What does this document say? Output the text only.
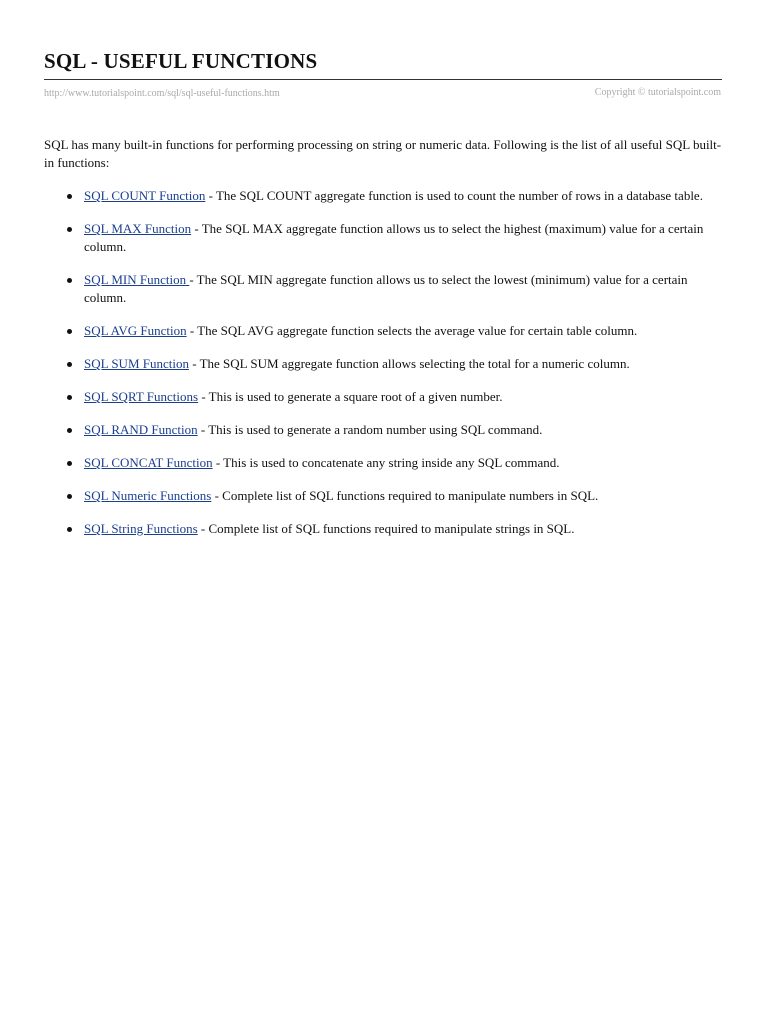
SQL - USEFUL FUNCTIONS
http://www.tutorialspoint.com/sql/sql-useful-functions.htm	Copyright © tutorialspoint.com

SQL has many built-in functions for performing processing on string or numeric data. Following is the list of all useful SQL built-in functions:

SQL COUNT Function - The SQL COUNT aggregate function is used to count the number of rows in a database table.
SQL MAX Function - The SQL MAX aggregate function allows us to select the highest (maximum) value for a certain column.
SQL MIN Function - The SQL MIN aggregate function allows us to select the lowest (minimum) value for a certain column.
SQL AVG Function - The SQL AVG aggregate function selects the average value for certain table column.
SQL SUM Function - The SQL SUM aggregate function allows selecting the total for a numeric column.
SQL SQRT Functions - This is used to generate a square root of a given number.
SQL RAND Function - This is used to generate a random number using SQL command.
SQL CONCAT Function - This is used to concatenate any string inside any SQL command.
SQL Numeric Functions - Complete list of SQL functions required to manipulate numbers in SQL.
SQL String Functions - Complete list of SQL functions required to manipulate strings in SQL.
